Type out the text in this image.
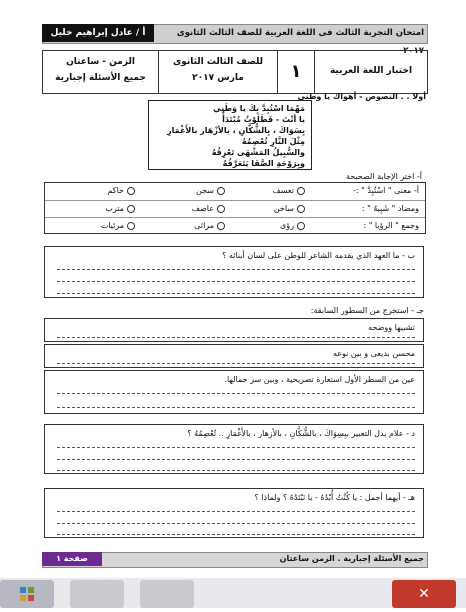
أ / عادل إبراهيم خليل	امتحان التجربة الثالث فى اللغة العربية للصف الثالث الثانوى ٢٠١٧
اختبار اللغة العربية
١
للصف الثالث الثانوى
مارس ٢٠١٧
الزمن - ساعتان
جميع الأسئلة إجبارية
أولا . . النصوص - أهواك يا وطنى
مَهْمَا اسْتُبِدَّ بِكَ يا وَطَنِي
يا أنْتَ - فَطَلَوْتُ مُبْتَدَأُ
بِسَوَاكَ ، بِالشُّكَّانِ ، بالأزْهَار بالأَغْمَارِ
مِثْلَ النَّارِ تُعْصِمُهُ
والسُّبِيلُ المَشْهَى تَعْرِقُهُ
وبِرَوْحَةِ الصَّفَا يَتَعَرَّفُهُ
أ- اختر الإجابة الصحيحة
أ- معنى " اسْتُبِدَّ " :-
تعسف
سجن
حاكم
ومضاد " شَبِيهٌ " :
ساخن
عاصف
مترب
وجمع " الرؤيا " :
رؤى
مرائى
مرئيات
ب - ما العهد الذي يقدمه الشاعر للوطن على لسان أبنائه ؟
جـ - استخرج من السطور السابقة:
تشبيها ووضحه
محسن بديعى و بين نوعه
عين من السطر الأول استعارة تصريحية ، وبين سر جمالها.
د - علام يدل التعبير ببِسِوَاكَ ، بالشُّكَّانِ ، بالأزهار ، بالأَغْمَارِ .. تُعْصِمُهُ ؟
هـ - أيهما أجمل : يا كُنْتُ أُبْدُهُ - يا نَبْتَدُهُ ؟ ولماذا ؟
صفحة ١	جميع الأسئلة إجبارية . الزمن ساعتان
✕
